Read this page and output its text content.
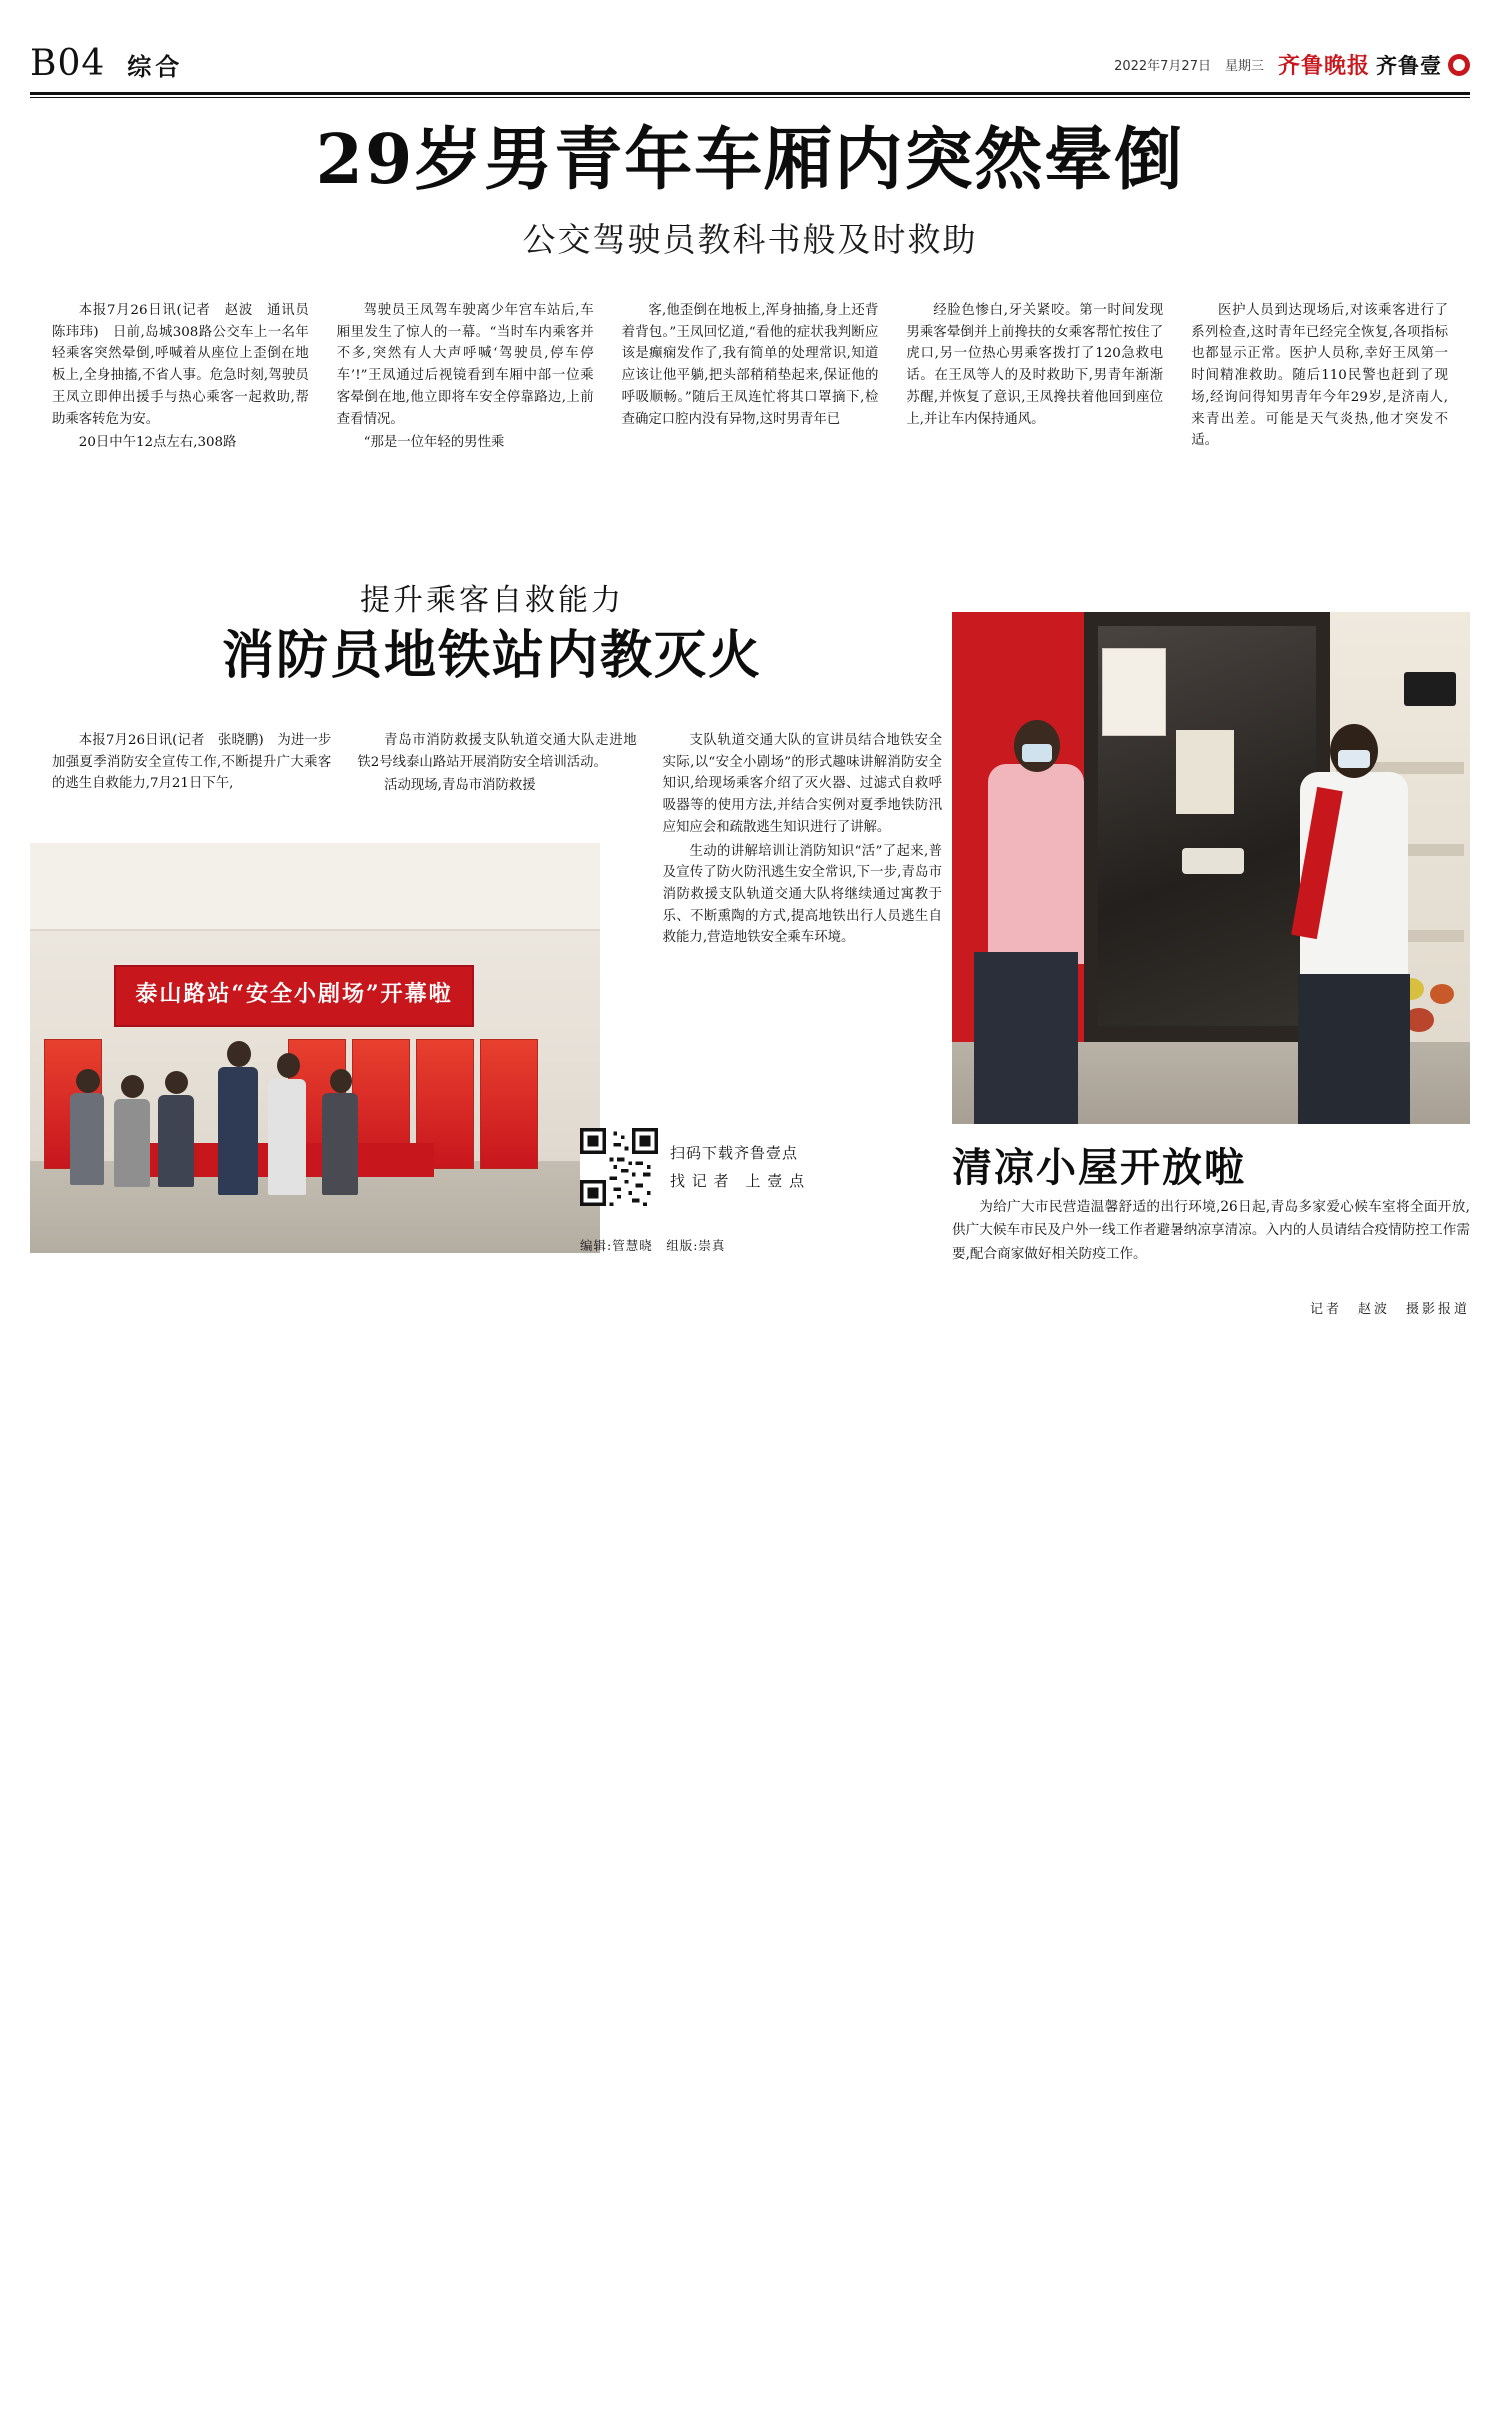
B04 综合	2022年7月27日 星期三 齐鲁晚报 齐鲁壹
29岁男青年车厢内突然晕倒
公交驾驶员教科书般及时救助

本报7月26日讯(记者　赵波　通讯员　陈玮玮)　日前,岛城308路公交车上一名年轻乘客突然晕倒,呼喊着从座位上歪倒在地板上,全身抽搐,不省人事。危急时刻,驾驶员王凤立即伸出援手与热心乘客一起救助,帮助乘客转危为安。

20日中午12点左右,308路

驾驶员王凤驾车驶离少年宫车站后,车厢里发生了惊人的一幕。“当时车内乘客并不多,突然有人大声呼喊‘驾驶员,停车停车’!”王凤通过后视镜看到车厢中部一位乘客晕倒在地,他立即将车安全停靠路边,上前查看情况。

“那是一位年轻的男性乘

客,他歪倒在地板上,浑身抽搐,身上还背着背包。”王凤回忆道,“看他的症状我判断应该是癫痫发作了,我有简单的处理常识,知道应该让他平躺,把头部稍稍垫起来,保证他的呼吸顺畅。”随后王凤连忙将其口罩摘下,检查确定口腔内没有异物,这时男青年已

经脸色惨白,牙关紧咬。第一时间发现男乘客晕倒并上前搀扶的女乘客帮忙按住了虎口,另一位热心男乘客拨打了120急救电话。在王凤等人的及时救助下,男青年渐渐苏醒,并恢复了意识,王凤搀扶着他回到座位上,并让车内保持通风。

医护人员到达现场后,对该乘客进行了系列检查,这时青年已经完全恢复,各项指标也都显示正常。医护人员称,幸好王凤第一时间精准救助。随后110民警也赶到了现场,经询问得知男青年今年29岁,是济南人,来青出差。可能是天气炎热,他才突发不适。

提升乘客自救能力
消防员地铁站内教灭火

本报7月26日讯(记者　张晓鹏)　为进一步加强夏季消防安全宣传工作,不断提升广大乘客的逃生自救能力,7月21日下午,

青岛市消防救援支队轨道交通大队走进地铁2号线泰山路站开展消防安全培训活动。

活动现场,青岛市消防救援

支队轨道交通大队的宣讲员结合地铁安全实际,以“安全小剧场”的形式趣味讲解消防安全知识,给现场乘客介绍了灭火器、过滤式自救呼吸器等的使用方法,并结合实例对夏季地铁防汛应知应会和疏散逃生知识进行了讲解。

生动的讲解培训让消防知识“活”了起来,普及宣传了防火防汛逃生安全常识,下一步,青岛市消防救援支队轨道交通大队将继续通过寓教于乐、不断熏陶的方式,提高地铁出行人员逃生自救能力,营造地铁安全乘车环境。

泰山路站“安全小剧场”开幕啦
扫码下载齐鲁壹点
找 记 者　上 壹 点
编辑:管慧晓　组版:崇真
清凉小屋开放啦

为给广大市民营造温馨舒适的出行环境,26日起,青岛多家爱心候车室将全面开放,供广大候车市民及户外一线工作者避暑纳凉享清凉。入内的人员请结合疫情防控工作需要,配合商家做好相关防疫工作。

记者　赵波　摄影报道
